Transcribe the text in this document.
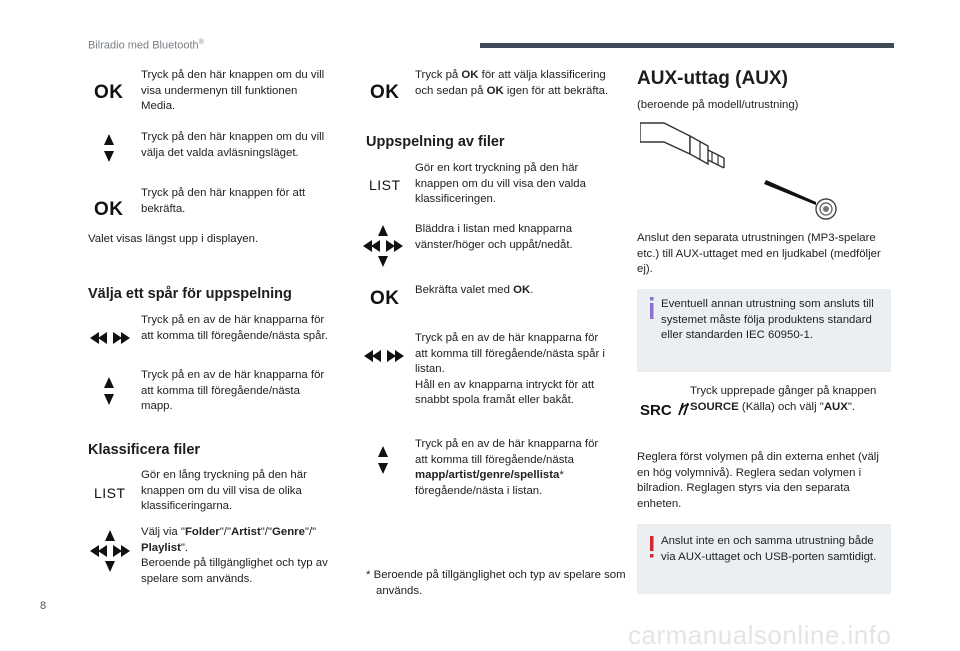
Bilradio med Bluetooth®
OK
Tryck på den här knappen om du vill visa undermenyn till funktionen Media.
Tryck på den här knappen om du vill välja det valda avläsningsläget.
OK
Tryck på den här knappen för att bekräfta.
Valet visas längst upp i displayen.
Välja ett spår för uppspelning
Tryck på en av de här knapparna för att komma till föregående/nästa spår.
Tryck på en av de här knapparna för att komma till föregående/nästa mapp.
Klassificera filer
LIST
Gör en lång tryckning på den här knappen om du vill visa de olika klassificeringarna.
Välj via "Folder"/"Artist"/"Genre"/"
Playlist".
Beroende på tillgänglighet och typ av spelare som används.
OK
Tryck på OK för att välja klassificering och sedan på OK igen för att bekräfta.
Uppspelning av filer
LIST
Gör en kort tryckning på den här knappen om du vill visa den valda klassificeringen.
Bläddra i listan med knapparna vänster/höger och uppåt/nedåt.
OK Bekräfta valet med OK.
Tryck på en av de här knapparna för att komma till föregående/nästa spår i listan.
Håll en av knapparna intryckt för att snabbt spola framåt eller bakåt.
Tryck på en av de här knapparna för att komma till föregående/nästa mapp/artist/genre/spellista* föregående/nästa i listan.
* Beroende på tillgänglighet och typ av spelare som används.
AUX-uttag (AUX)
(beroende på modell/utrustning)
Anslut den separata utrustningen (MP3-spelare etc.) till AUX-uttaget med en ljudkabel (medföljer ej).
Eventuell annan utrustning som ansluts till systemet måste följa produktens standard eller standarden IEC 60950-1.
SRC
Tryck upprepade gånger på knappen SOURCE (Källa) och välj "AUX".
Reglera först volymen på din externa enhet (välj en hög volymnivå). Reglera sedan volymen i bilradion. Reglagen styrs via den separata enheten.
Anslut inte en och samma utrustning både via AUX-uttaget och USB-porten samtidigt.
8
carmanualsonline.info
